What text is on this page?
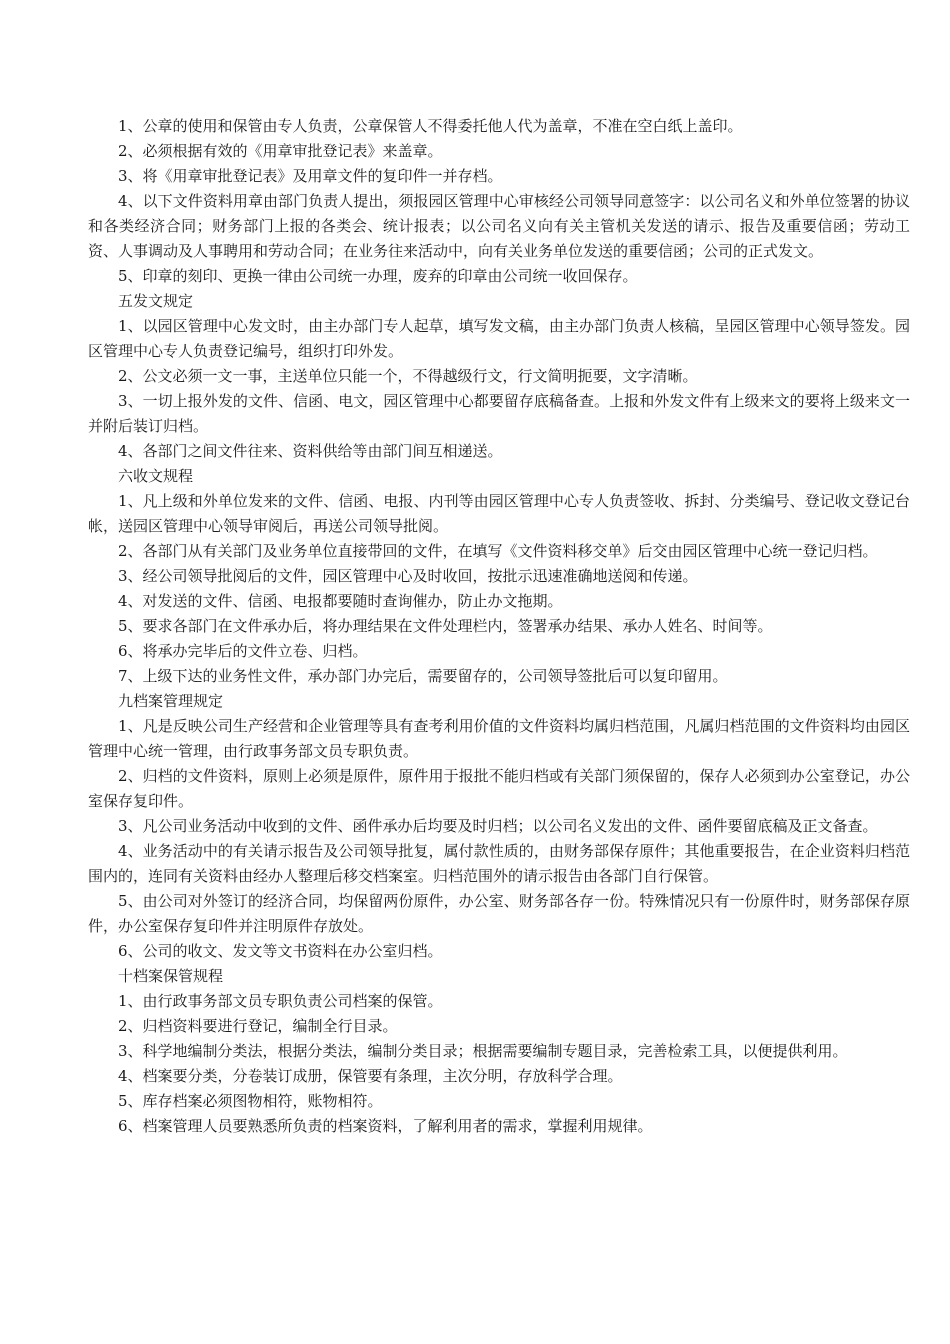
1、公章的使用和保管由专人负责，公章保管人不得委托他人代为盖章，不准在空白纸上盖印。

2、必须根据有效的《用章审批登记表》来盖章。

3、将《用章审批登记表》及用章文件的复印件一并存档。

4、以下文件资料用章由部门负责人提出，须报园区管理中心审核经公司领导同意签字：以公司名义和外单位签署的协议和各类经济合同；财务部门上报的各类会、统计报表；以公司名义向有关主管机关发送的请示、报告及重要信函；劳动工资、人事调动及人事聘用和劳动合同；在业务往来活动中，向有关业务单位发送的重要信函；公司的正式发文。

5、印章的刻印、更换一律由公司统一办理，废弃的印章由公司统一收回保存。

五发文规定

1、以园区管理中心发文时，由主办部门专人起草，填写发文稿，由主办部门负责人核稿，呈园区管理中心领导签发。园区管理中心专人负责登记编号，组织打印外发。

2、公文必须一文一事，主送单位只能一个，不得越级行文，行文简明扼要，文字清晰。

3、一切上报外发的文件、信函、电文，园区管理中心都要留存底稿备查。上报和外发文件有上级来文的要将上级来文一并附后装订归档。

4、各部门之间文件往来、资料供给等由部门间互相递送。

六收文规程

1、凡上级和外单位发来的文件、信函、电报、内刊等由园区管理中心专人负责签收、拆封、分类编号、登记收文登记台帐，送园区管理中心领导审阅后，再送公司领导批阅。

2、各部门从有关部门及业务单位直接带回的文件，在填写《文件资料移交单》后交由园区管理中心统一登记归档。

3、经公司领导批阅后的文件，园区管理中心及时收回，按批示迅速准确地送阅和传递。

4、对发送的文件、信函、电报都要随时查询催办，防止办文拖期。

5、要求各部门在文件承办后，将办理结果在文件处理栏内，签署承办结果、承办人姓名、时间等。

6、将承办完毕后的文件立卷、归档。

7、上级下达的业务性文件，承办部门办完后，需要留存的，公司领导签批后可以复印留用。

九档案管理规定

1、凡是反映公司生产经营和企业管理等具有查考利用价值的文件资料均属归档范围，凡属归档范围的文件资料均由园区管理中心统一管理，由行政事务部文员专职负责。

2、归档的文件资料，原则上必须是原件，原件用于报批不能归档或有关部门须保留的，保存人必须到办公室登记，办公室保存复印件。

3、凡公司业务活动中收到的文件、函件承办后均要及时归档；以公司名义发出的文件、函件要留底稿及正文备查。

4、业务活动中的有关请示报告及公司领导批复，属付款性质的，由财务部保存原件；其他重要报告，在企业资料归档范围内的，连同有关资料由经办人整理后移交档案室。归档范围外的请示报告由各部门自行保管。

5、由公司对外签订的经济合同，均保留两份原件，办公室、财务部各存一份。特殊情况只有一份原件时，财务部保存原件，办公室保存复印件并注明原件存放处。

6、公司的收文、发文等文书资料在办公室归档。

十档案保管规程

1、由行政事务部文员专职负责公司档案的保管。

2、归档资料要进行登记，编制全行目录。

3、科学地编制分类法，根据分类法，编制分类目录；根据需要编制专题目录，完善检索工具，以便提供利用。

4、档案要分类，分卷装订成册，保管要有条理，主次分明，存放科学合理。

5、库存档案必须图物相符，账物相符。

6、档案管理人员要熟悉所负责的档案资料，了解利用者的需求，掌握利用规律。
